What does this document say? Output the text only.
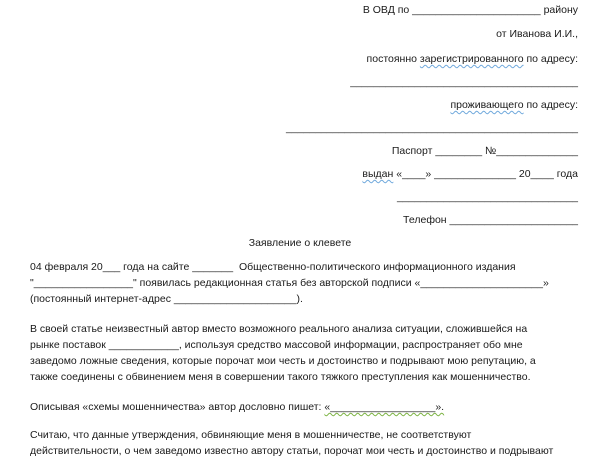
В ОВД по ______________________ району
от Иванова И.И.,
постоянно зарегистрированного по адресу:
_______________________________________
проживающего по адресу:
__________________________________________________
Паспорт ________ №______________
выдан «____» ______________ 20____ года
_______________________________
Телефон ______________________
Заявление о клевете
04 февраля 20___ года на сайте _______  Общественно-политического информационного издания
"_________________" появилась редакционная статья без авторской подписи «_____________________»
(постоянный интернет-адрес _____________________).
В своей статье неизвестный автор вместо возможного реального анализа ситуации, сложившейся на
рынке поставок ____________, используя средство массовой информации, распространяет обо мне
заведомо ложные сведения, которые порочат мои честь и достоинство и подрывают мою репутацию, а
также соединены с обвинением меня в совершении такого тяжкого преступления как мошенничество.
Описывая «схемы мошенничества» автор дословно пишет: «__________________».
Считаю, что данные утверждения, обвиняющие меня в мошенничестве, не соответствуют
действительности, о чем заведомо известно автору статьи, порочат мои честь и достоинство и подрывают
